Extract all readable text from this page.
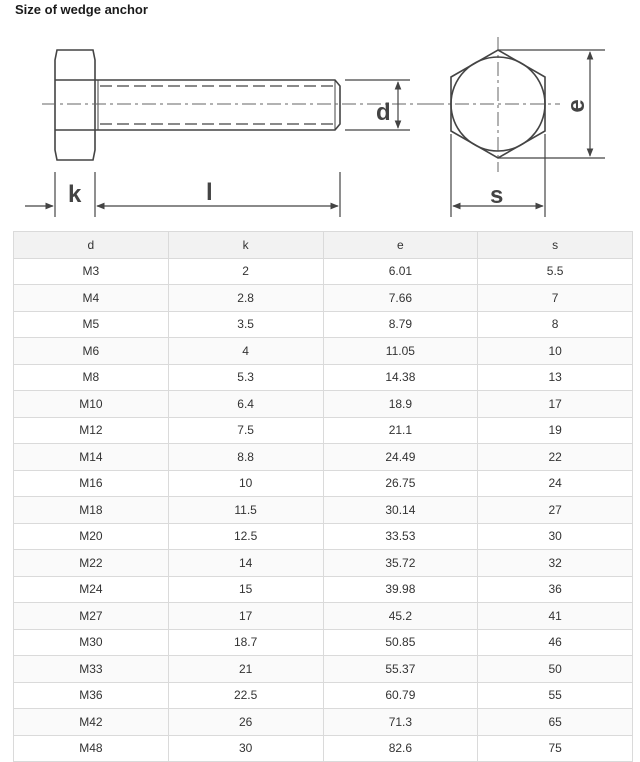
Size of wedge anchor
k	l
d
s
e
d	k	e	s
M3	2	6.01	5.5
M4	2.8	7.66	7
M5	3.5	8.79	8
M6	4	11.05	10
M8	5.3	14.38	13
M10	6.4	18.9	17
M12	7.5	21.1	19
M14	8.8	24.49	22
M16	10	26.75	24
M18	11.5	30.14	27
M20	12.5	33.53	30
M22	14	35.72	32
M24	15	39.98	36
M27	17	45.2	41
M30	18.7	50.85	46
M33	21	55.37	50
M36	22.5	60.79	55
M42	26	71.3	65
M48	30	82.6	75
